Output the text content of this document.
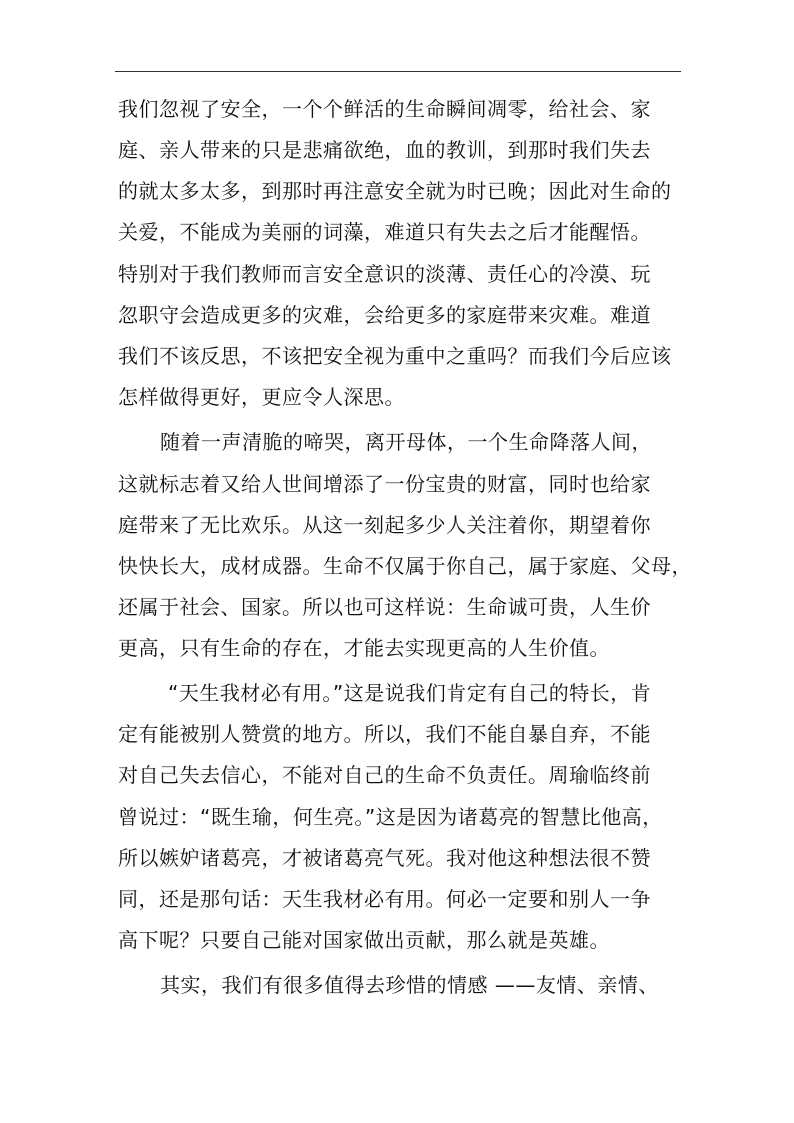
我们忽视了安全，一个个鲜活的生命瞬间凋零，给社会、家
庭、亲人带来的只是悲痛欲绝，血的教训，到那时我们失去
的就太多太多，到那时再注意安全就为时已晚；因此对生命的
关爱，不能成为美丽的词藻，难道只有失去之后才能醒悟。
特别对于我们教师而言安全意识的淡薄、责任心的冷漠、玩
忽职守会造成更多的灾难，会给更多的家庭带来灾难。难道
我们不该反思，不该把安全视为重中之重吗？而我们今后应该
怎样做得更好，更应令人深思。
随着一声清脆的啼哭，离开母体，一个生命降落人间，
这就标志着又给人世间增添了一份宝贵的财富，同时也给家
庭带来了无比欢乐。从这一刻起多少人关注着你，期望着你
快快长大，成材成器。生命不仅属于你自己，属于家庭、父母，
还属于社会、国家。所以也可这样说：生命诚可贵，人生价
更高，只有生命的存在，才能去实现更高的人生价值。
“天生我材必有用。”这是说我们肯定有自己的特长，肯
定有能被别人赞赏的地方。所以，我们不能自暴自弃，不能
对自己失去信心，不能对自己的生命不负责任。周瑜临终前
曾说过：“既生瑜，何生亮。”这是因为诸葛亮的智慧比他高，
所以嫉妒诸葛亮，才被诸葛亮气死。我对他这种想法很不赞
同，还是那句话：天生我材必有用。何必一定要和别人一争
高下呢？只要自己能对国家做出贡献，那么就是英雄。
其实，我们有很多值得去珍惜的情感 ——友情、亲情、
